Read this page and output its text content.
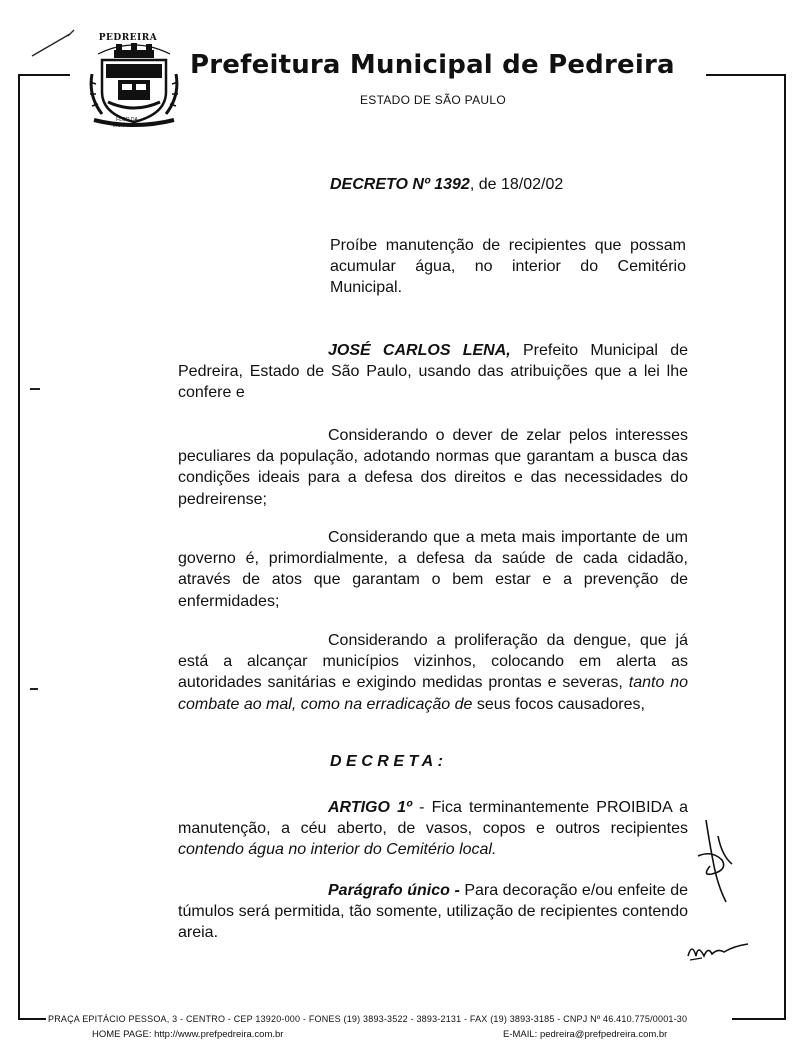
PEDREIRA
FLOR DA MONTANHA
Prefeitura Municipal de Pedreira
ESTADO DE SÃO PAULO
DECRETO Nº 1392, de 18/02/02

Proíbe manutenção de recipientes que possam acumular água, no interior do Cemitério Municipal.

JOSÉ CARLOS LENA, Prefeito Municipal de Pedreira, Estado de São Paulo, usando das atribuições que a lei lhe confere e

Considerando o dever de zelar pelos interesses peculiares da população, adotando normas que garantam a busca das condições ideais para a defesa dos direitos e das necessidades do pedreirense;

Considerando que a meta mais importante de um governo é, primordialmente, a defesa da saúde de cada cidadão, através de atos que garantam o bem estar e a prevenção de enfermidades;

Considerando a proliferação da dengue, que já está a alcançar municípios vizinhos, colocando em alerta as autoridades sanitárias e exigindo medidas prontas e severas, tanto no combate ao mal, como na erradicação de seus focos causadores,

DECRETA:

ARTIGO 1º - Fica terminantemente PROIBIDA a manutenção, a céu aberto, de vasos, copos e outros recipientes contendo água no interior do Cemitério local.

Parágrafo único - Para decoração e/ou enfeite de túmulos será permitida, tão somente, utilização de recipientes contendo areia.

PRAÇA EPITÁCIO PESSOA, 3 - CENTRO - CEP 13920-000 - FONES (19) 3893-3522 - 3893-2131 - FAX (19) 3893-3185 - CNPJ Nº 46.410.775/0001-30
HOME PAGE: http://www.prefpedreira.com.br	E-MAIL: pedreira@prefpedreira.com.br
